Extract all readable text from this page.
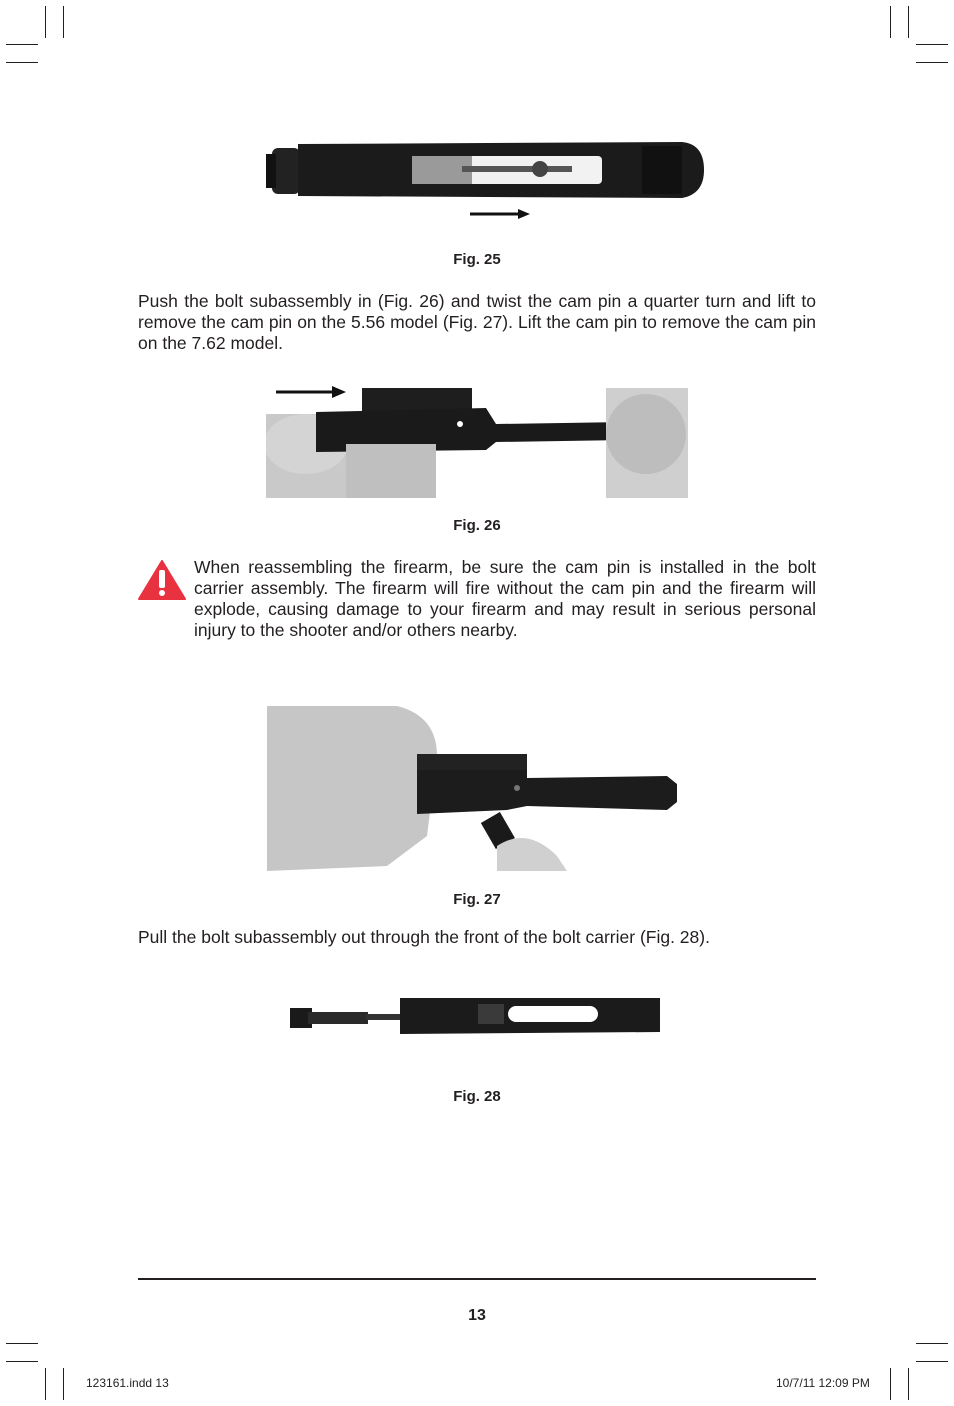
Fig. 25
Push the bolt subassembly in (Fig. 26) and twist the cam pin a quarter turn and lift to remove the cam pin on the 5.56 model (Fig. 27). Lift the cam pin to remove the cam pin on the 7.62 model.
Fig. 26
When reassembling the firearm, be sure the cam pin is installed in the bolt carrier assembly. The firearm will fire without the cam pin and the firearm will explode, causing damage to your firearm and may result in serious personal injury to the shooter and/or others nearby.
Fig. 27
Pull the bolt subassembly out through the front of the bolt carrier (Fig. 28).
Fig. 28
13
123161.indd 13	10/7/11 12:09 PM
